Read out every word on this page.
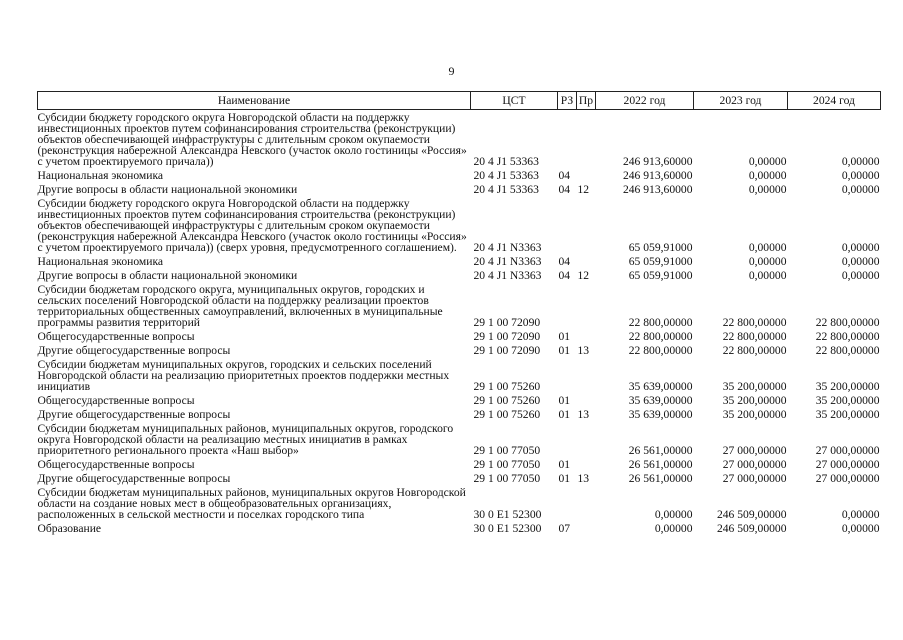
9
Наименование	ЦСТ	РЗ	Пр	2022 год	2023 год	2024 год
Субсидии бюджету городского округа Новгородской области на поддержку инвестиционных проектов путем софинансирования строительства (реконструкции) объектов обеспечивающей инфраструктуры с длительным сроком окупаемости (реконструкция набережной Александра Невского (участок около гостиницы «Россия» с учетом проектируемого причала))	20 4 J1 53363			246 913,60000	0,00000	0,00000
Национальная экономика	20 4 J1 53363	04		246 913,60000	0,00000	0,00000
Другие вопросы в области национальной экономики	20 4 J1 53363	04	12	246 913,60000	0,00000	0,00000
Субсидии бюджету городского округа Новгородской области на поддержку инвестиционных проектов путем софинансирования строительства (реконструкции) объектов обеспечивающей инфраструктуры с длительным сроком окупаемости (реконструкция набережной Александра Невского (участок около гостиницы «Россия» с учетом проектируемого причала)) (сверх уровня, предусмотренного соглашением).	20 4 J1 N3363			65 059,91000	0,00000	0,00000
Национальная экономика	20 4 J1 N3363	04		65 059,91000	0,00000	0,00000
Другие вопросы в области национальной экономики	20 4 J1 N3363	04	12	65 059,91000	0,00000	0,00000
Субсидии бюджетам городского округа, муниципальных округов, городских и сельских поселений Новгородской области на поддержку реализации проектов территориальных общественных самоуправлений, включенных в муниципальные программы развития территорий	29 1 00 72090			22 800,00000	22 800,00000	22 800,00000
Общегосударственные вопросы	29 1 00 72090	01		22 800,00000	22 800,00000	22 800,00000
Другие общегосударственные вопросы	29 1 00 72090	01	13	22 800,00000	22 800,00000	22 800,00000
Субсидии бюджетам муниципальных округов, городских и сельских поселений Новгородской области на реализацию приоритетных проектов поддержки местных инициатив	29 1 00 75260			35 639,00000	35 200,00000	35 200,00000
Общегосударственные вопросы	29 1 00 75260	01		35 639,00000	35 200,00000	35 200,00000
Другие общегосударственные вопросы	29 1 00 75260	01	13	35 639,00000	35 200,00000	35 200,00000
Субсидии бюджетам муниципальных районов, муниципальных округов, городского округа Новгородской области на реализацию местных инициатив в рамках приоритетного регионального проекта «Наш выбор»	29 1 00 77050			26 561,00000	27 000,00000	27 000,00000
Общегосударственные вопросы	29 1 00 77050	01		26 561,00000	27 000,00000	27 000,00000
Другие общегосударственные вопросы	29 1 00 77050	01	13	26 561,00000	27 000,00000	27 000,00000
Субсидии бюджетам муниципальных районов, муниципальных округов Новгородской области на создание новых мест в общеобразовательных организациях, расположенных в сельской местности и поселках городского типа	30 0 E1 52300			0,00000	246 509,00000	0,00000
Образование	30 0 E1 52300	07		0,00000	246 509,00000	0,00000
